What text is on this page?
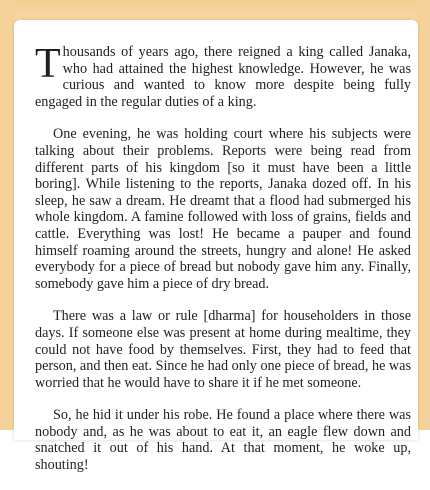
Thousands of years ago, there reigned a king called Janaka, who had attained the highest knowledge. However, he was curious and wanted to know more despite being fully engaged in the regular duties of a king.

One evening, he was holding court where his subjects were talking about their problems. Reports were being read from different parts of his kingdom [so it must have been a little boring]. While listening to the reports, Janaka dozed off. In his sleep, he saw a dream. He dreamt that a flood had submerged his whole kingdom. A famine followed with loss of grains, fields and cattle. Everything was lost! He became a pauper and found himself roaming around the streets, hungry and alone! He asked everybody for a piece of bread but nobody gave him any. Finally, somebody gave him a piece of dry bread.

There was a law or rule [dharma] for householders in those days. If someone else was present at home during mealtime, they could not have food by themselves. First, they had to feed that person, and then eat. Since he had only one piece of bread, he was worried that he would have to share it if he met someone.

So, he hid it under his robe. He found a place where there was nobody and, as he was about to eat it, an eagle flew down and snatched it out of his hand. At that moment, he woke up, shouting!
